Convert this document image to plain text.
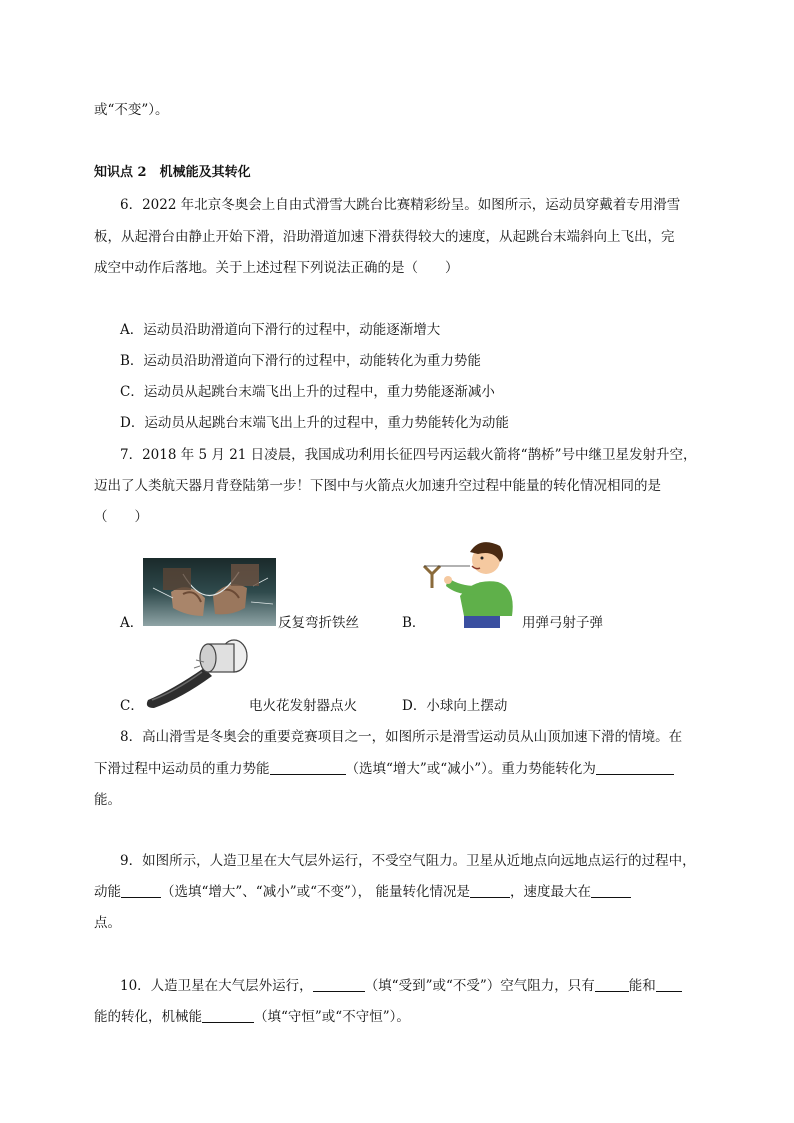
或“不变”）。
知识点 2　机械能及其转化
6．2022 年北京冬奥会上自由式滑雪大跳台比赛精彩纷呈。如图所示，运动员穿戴着专用滑雪
板，从起滑台由静止开始下滑，沿助滑道加速下滑获得较大的速度，从起跳台末端斜向上飞出，完
成空中动作后落地。关于上述过程下列说法正确的是（　　）
A．运动员沿助滑道向下滑行的过程中，动能逐渐增大
B．运动员沿助滑道向下滑行的过程中，动能转化为重力势能
C．运动员从起跳台末端飞出上升的过程中，重力势能逐渐减小
D．运动员从起跳台末端飞出上升的过程中，重力势能转化为动能
7．2018 年 5 月 21 日凌晨，我国成功利用长征四号丙运载火箭将“鹊桥”号中继卫星发射升空，
迈出了人类航天器月背登陆第一步！下图中与火箭点火加速升空过程中能量的转化情况相同的是
（　　）
A．	反复弯折铁丝	B．	用弹弓射子弹
C．	电火花发射器点火	D．小球向上摆动
8．高山滑雪是冬奥会的重要竞赛项目之一，如图所示是滑雪运动员从山顶加速下滑的情境。在
下滑过程中运动员的重力势能	（选填“增大”或“减小”）。重力势能转化为
能。
9．如图所示，人造卫星在大气层外运行，不受空气阻力。卫星从近地点向远地点运行的过程中，
动能	（选填“增大”、“减小”或“不变”）， 能量转化情况是	，速度最大在
点。
10．人造卫星在大气层外运行，	（填“受到”或“不受”）空气阻力，只有	能和
能的转化，机械能	（填“守恒”或“不守恒”）。
